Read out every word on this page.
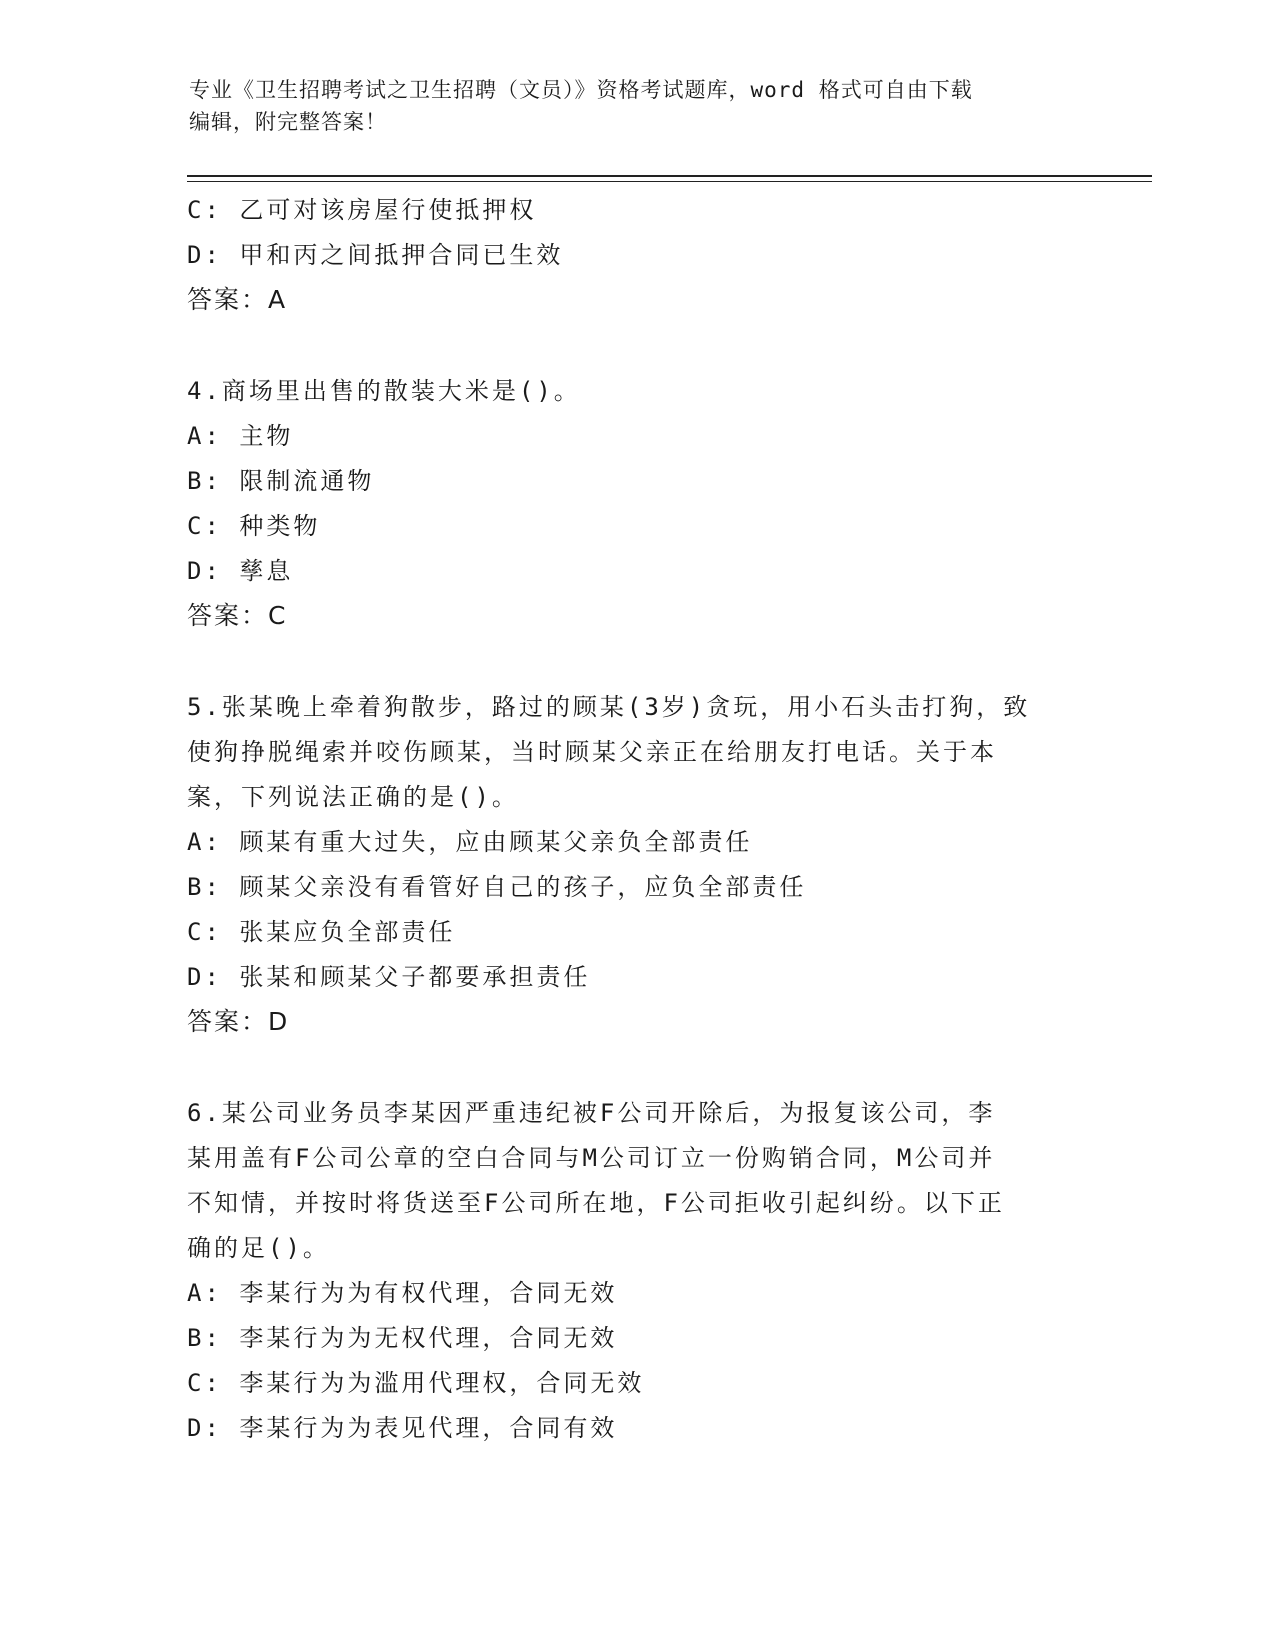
专业《卫生招聘考试之卫生招聘（文员）》资格考试题库，word 格式可自由下载
编辑，附完整答案！
C: 乙可对该房屋行使抵押权
D: 甲和丙之间抵押合同已生效
答案：A
4.商场里出售的散装大米是()。
A: 主物
B: 限制流通物
C: 种类物
D: 孳息
答案：C
5.张某晚上牵着狗散步，路过的顾某(3岁)贪玩，用小石头击打狗，致
使狗挣脱绳索并咬伤顾某，当时顾某父亲正在给朋友打电话。关于本
案，下列说法正确的是()。
A: 顾某有重大过失，应由顾某父亲负全部责任
B: 顾某父亲没有看管好自己的孩子，应负全部责任
C: 张某应负全部责任
D: 张某和顾某父子都要承担责任
答案：D
6.某公司业务员李某因严重违纪被F公司开除后，为报复该公司，李
某用盖有F公司公章的空白合同与M公司订立一份购销合同，M公司并
不知情，并按时将货送至F公司所在地，F公司拒收引起纠纷。以下正
确的足()。
A: 李某行为为有权代理，合同无效
B: 李某行为为无权代理，合同无效
C: 李某行为为滥用代理权，合同无效
D: 李某行为为表见代理，合同有效
